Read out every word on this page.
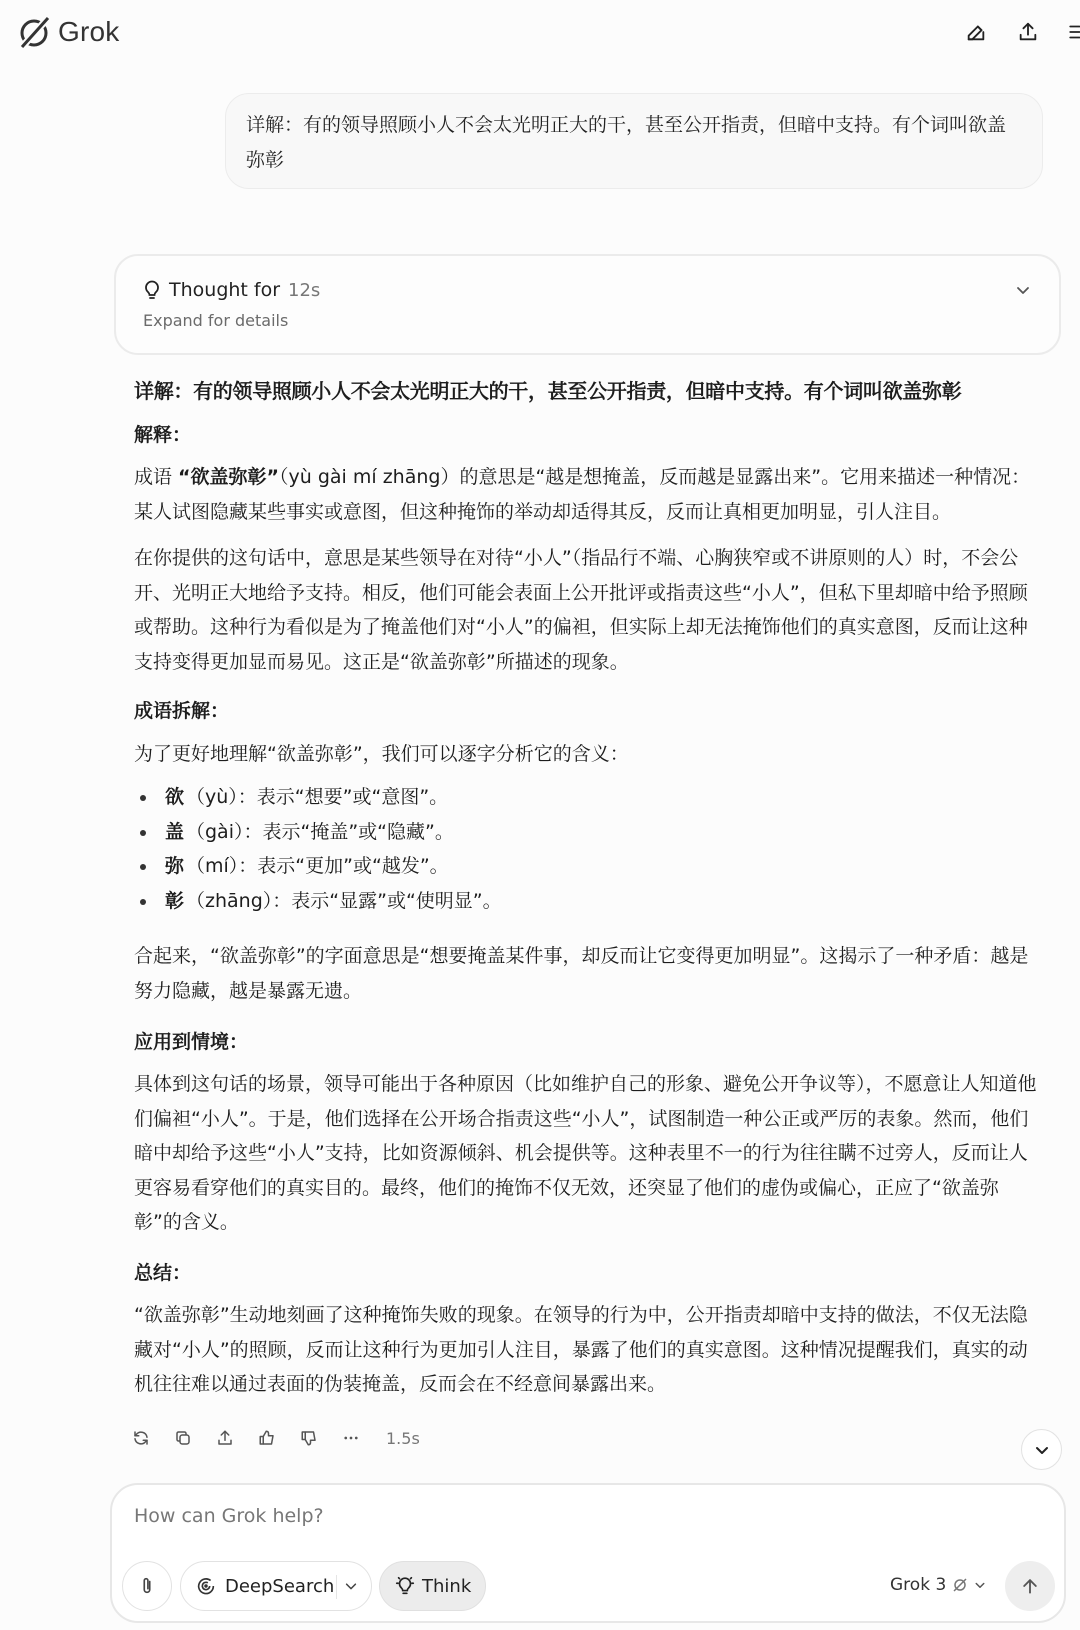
Grok
详解：有的领导照顾小人不会太光明正大的干，甚至公开指责，但暗中支持。有个词叫欲盖弥彰
Thought for 12s
Expand for details
详解：有的领导照顾小人不会太光明正大的干，甚至公开指责，但暗中支持。有个词叫欲盖弥彰
解释：
成语 “欲盖弥彰”（yù gài mí zhāng）的意思是“越是想掩盖，反而越是显露出来”。它用来描述一种情况：某人试图隐藏某些事实或意图，但这种掩饰的举动却适得其反，反而让真相更加明显，引人注目。
在你提供的这句话中，意思是某些领导在对待“小人”（指品行不端、心胸狭窄或不讲原则的人）时，不会公开、光明正大地给予支持。相反，他们可能会表面上公开批评或指责这些“小人”，但私下里却暗中给予照顾或帮助。这种行为看似是为了掩盖他们对“小人”的偏袒，但实际上却无法掩饰他们的真实意图，反而让这种支持变得更加显而易见。这正是“欲盖弥彰”所描述的现象。
成语拆解：
为了更好地理解“欲盖弥彰”，我们可以逐字分析它的含义：
欲 （yù）：表示“想要”或“意图”。
盖 （gài）：表示“掩盖”或“隐藏”。
弥 （mí）：表示“更加”或“越发”。
彰 （zhāng）：表示“显露”或“使明显”。
合起来，“欲盖弥彰”的字面意思是“想要掩盖某件事，却反而让它变得更加明显”。这揭示了一种矛盾：越是努力隐藏，越是暴露无遗。
应用到情境：
具体到这句话的场景，领导可能出于各种原因（比如维护自己的形象、避免公开争议等），不愿意让人知道他们偏袒“小人”。于是，他们选择在公开场合指责这些“小人”，试图制造一种公正或严厉的表象。然而，他们暗中却给予这些“小人”支持，比如资源倾斜、机会提供等。这种表里不一的行为往往瞒不过旁人，反而让人更容易看穿他们的真实目的。最终，他们的掩饰不仅无效，还突显了他们的虚伪或偏心，正应了“欲盖弥彰”的含义。
总结：
“欲盖弥彰”生动地刻画了这种掩饰失败的现象。在领导的行为中，公开指责却暗中支持的做法，不仅无法隐藏对“小人”的照顾，反而让这种行为更加引人注目，暴露了他们的真实意图。这种情况提醒我们，真实的动机往往难以通过表面的伪装掩盖，反而会在不经意间暴露出来。
1.5s
How can Grok help?
DeepSearch	Think	Grok 3
